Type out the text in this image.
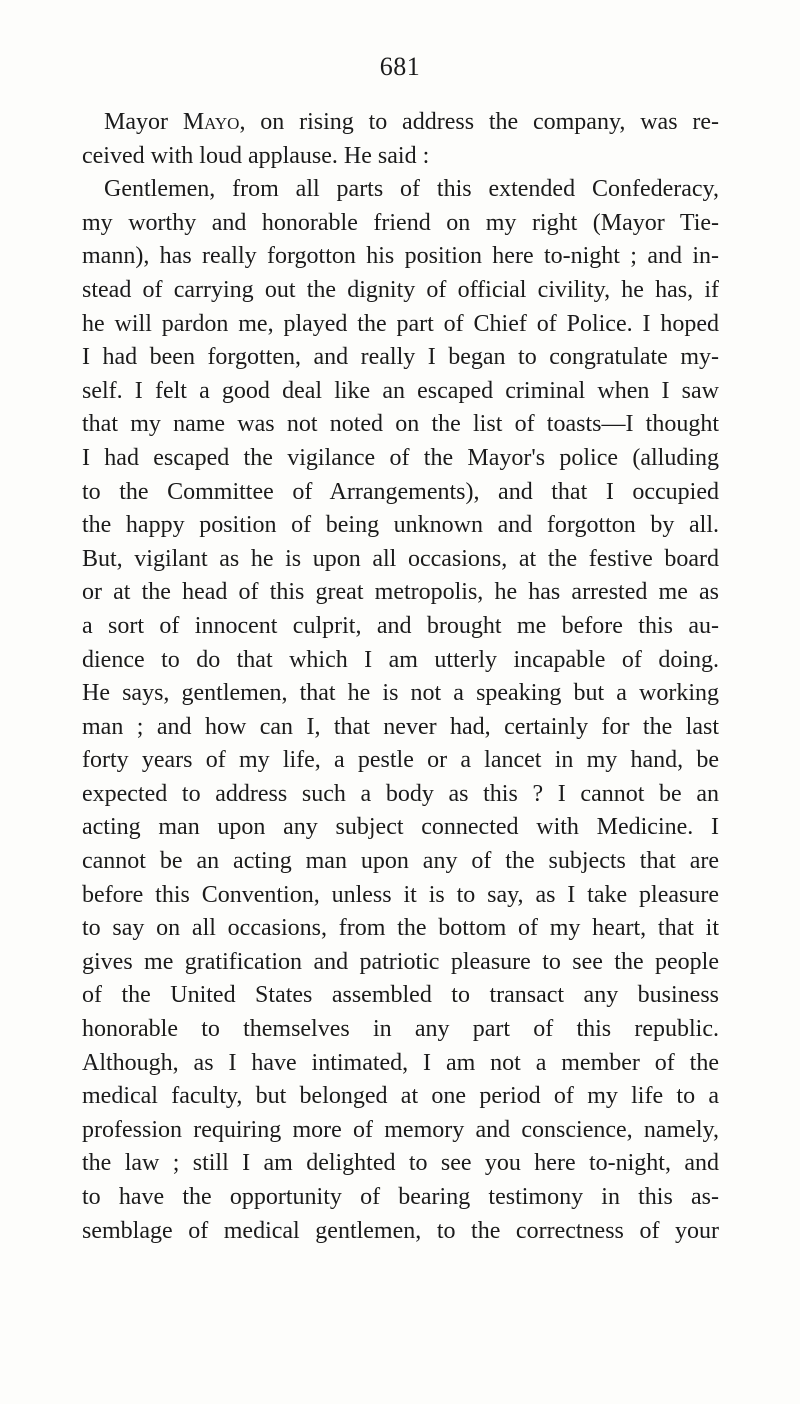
681
Mayor Mayo, on rising to address the company, was re-
ceived with loud applause. He said :
Gentlemen, from all parts of this extended Confederacy,
my worthy and honorable friend on my right (Mayor Tie-
mann), has really forgotton his position here to-night ; and in-
stead of carrying out the dignity of official civility, he has, if
he will pardon me, played the part of Chief of Police. I hoped
I had been forgotten, and really I began to congratulate my-
self. I felt a good deal like an escaped criminal when I saw
that my name was not noted on the list of toasts—I thought
I had escaped the vigilance of the Mayor's police (alluding
to the Committee of Arrangements), and that I occupied
the happy position of being unknown and forgotton by all.
But, vigilant as he is upon all occasions, at the festive board
or at the head of this great metropolis, he has arrested me as
a sort of innocent culprit, and brought me before this au-
dience to do that which I am utterly incapable of doing.
He says, gentlemen, that he is not a speaking but a working
man ; and how can I, that never had, certainly for the last
forty years of my life, a pestle or a lancet in my hand, be
expected to address such a body as this ? I cannot be an
acting man upon any subject connected with Medicine. I
cannot be an acting man upon any of the subjects that are
before this Convention, unless it is to say, as I take pleasure
to say on all occasions, from the bottom of my heart, that it
gives me gratification and patriotic pleasure to see the people
of the United States assembled to transact any business
honorable to themselves in any part of this republic.
Although, as I have intimated, I am not a member of the
medical faculty, but belonged at one period of my life to a
profession requiring more of memory and conscience, namely,
the law ; still I am delighted to see you here to-night, and
to have the opportunity of bearing testimony in this as-
semblage of medical gentlemen, to the correctness of your
